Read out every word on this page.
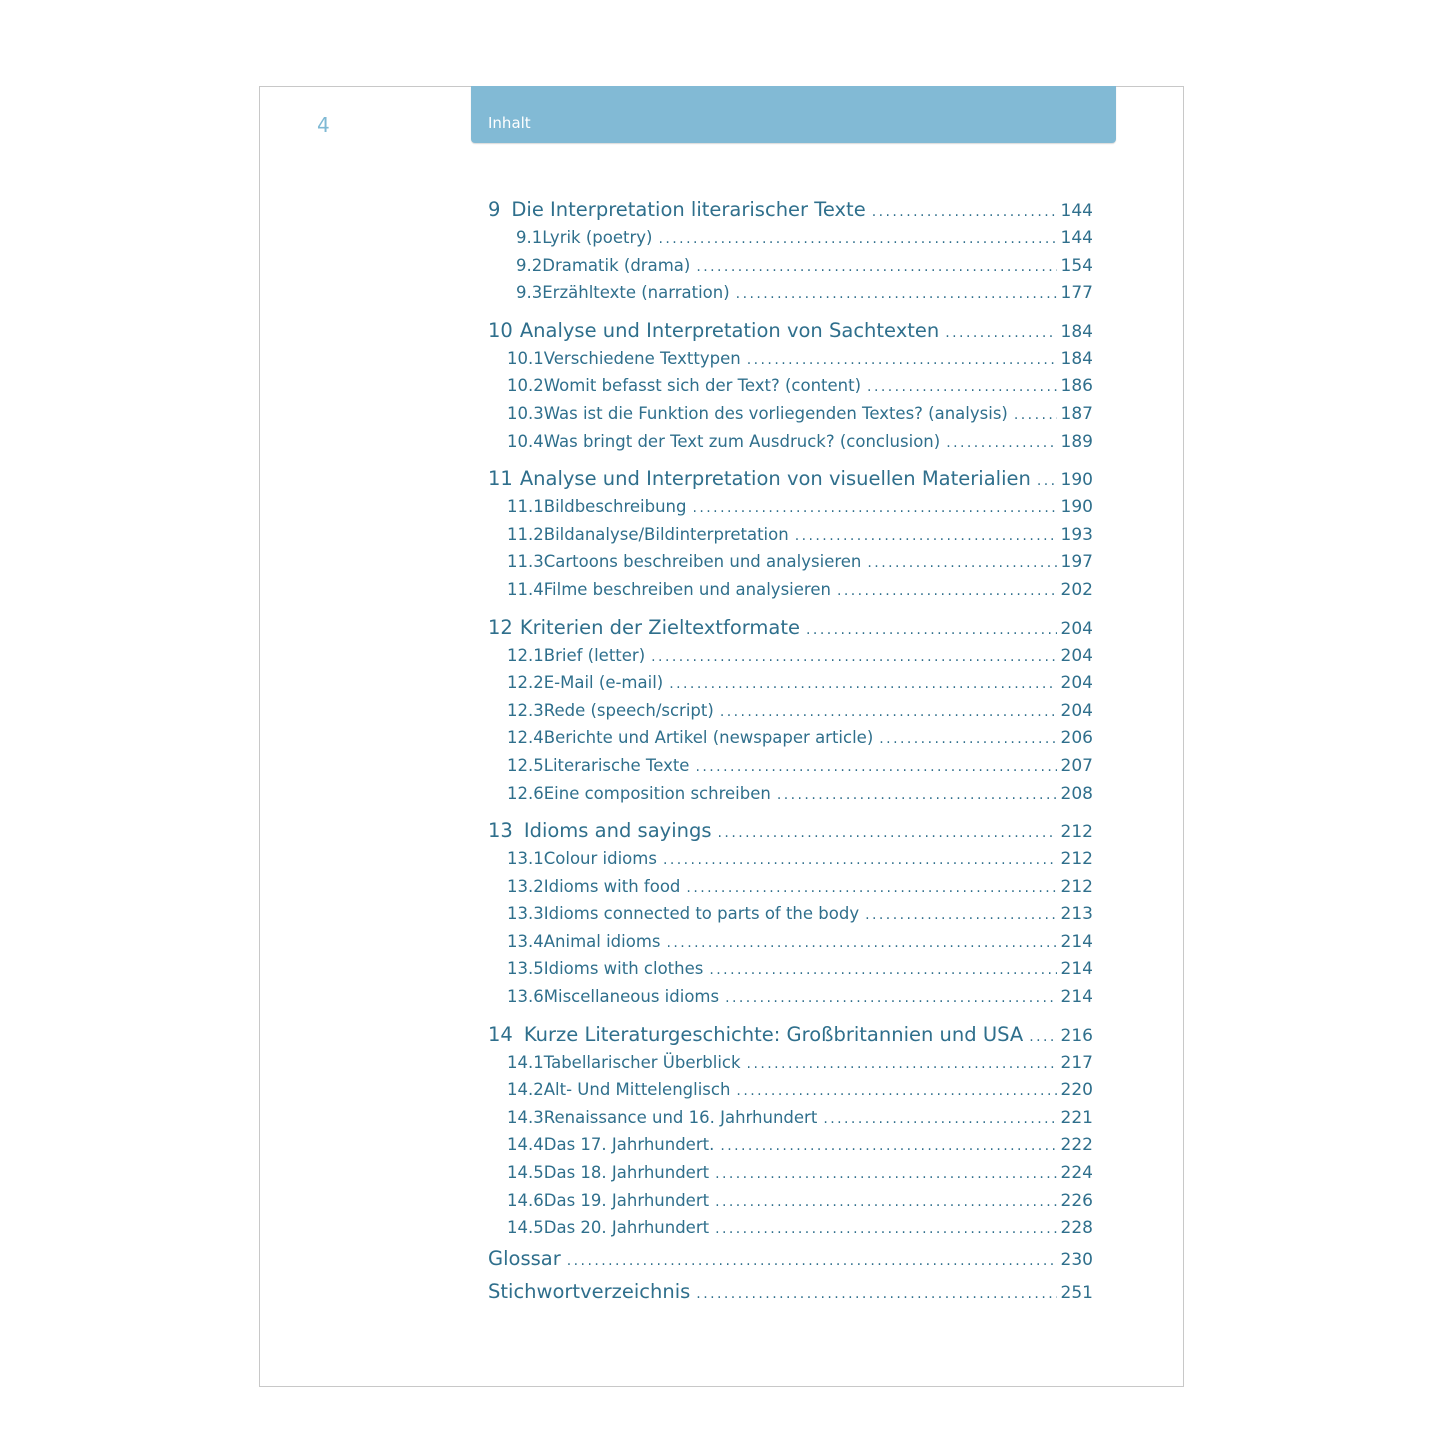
4	Inhalt
9 Die Interpretation literarischer Texte . . .	144
9.1 Lyrik (poetry) . . .	144
9.2 Dramatik (drama) . . .	154
9.3 Erzähltexte (narration) . . .	177
10 Analyse und Interpretation von Sachtexten . . .	184
10.1 Verschiedene Texttypen . . .	184
10.2 Womit befasst sich der Text? (content) . . .	186
10.3 Was ist die Funktion des vorliegenden Textes? (analysis) . . .	187
10.4 Was bringt der Text zum Ausdruck? (conclusion) . . .	189
11 Analyse und Interpretation von visuellen Materialien . . . 190
11.1 Bildbeschreibung . . .	190
11.2 Bildanalyse/Bildinterpretation . . .	193
11.3 Cartoons beschreiben und analysieren . . .	197
11.4 Filme beschreiben und analysieren . . .	202
12 Kriterien der Zieltextformate . . .	204
12.1 Brief (letter) . . .	204
12.2 E-Mail (e-mail) . . .	204
12.3 Rede (speech/script) . . .	204
12.4 Berichte und Artikel (newspaper article) . . .	206
12.5 Literarische Texte . . .	207
12.6 Eine composition schreiben . . .	208
13 Idioms and sayings . . .	212
13.1 Colour idioms . . .	212
13.2 Idioms with food . . .	212
13.3 Idioms connected to parts of the body . . .	213
13.4 Animal idioms . . .	214
13.5 Idioms with clothes . . .	214
13.6 Miscellaneous idioms . . .	214
14 Kurze Literaturgeschichte: Großbritannien und USA . . . 216
14.1 Tabellarischer Überblick . . .	217
14.2 Alt- Und Mittelenglisch . . .	220
14.3 Renaissance und 16. Jahrhundert . . .	221
14.4 Das 17. Jahrhundert. . . .	222
14.5 Das 18. Jahrhundert . . .	224
14.6 Das 19. Jahrhundert . . .	226
14.5 Das 20. Jahrhundert . . .	228
Glossar . . .	230
Stichwortverzeichnis . . .	251
